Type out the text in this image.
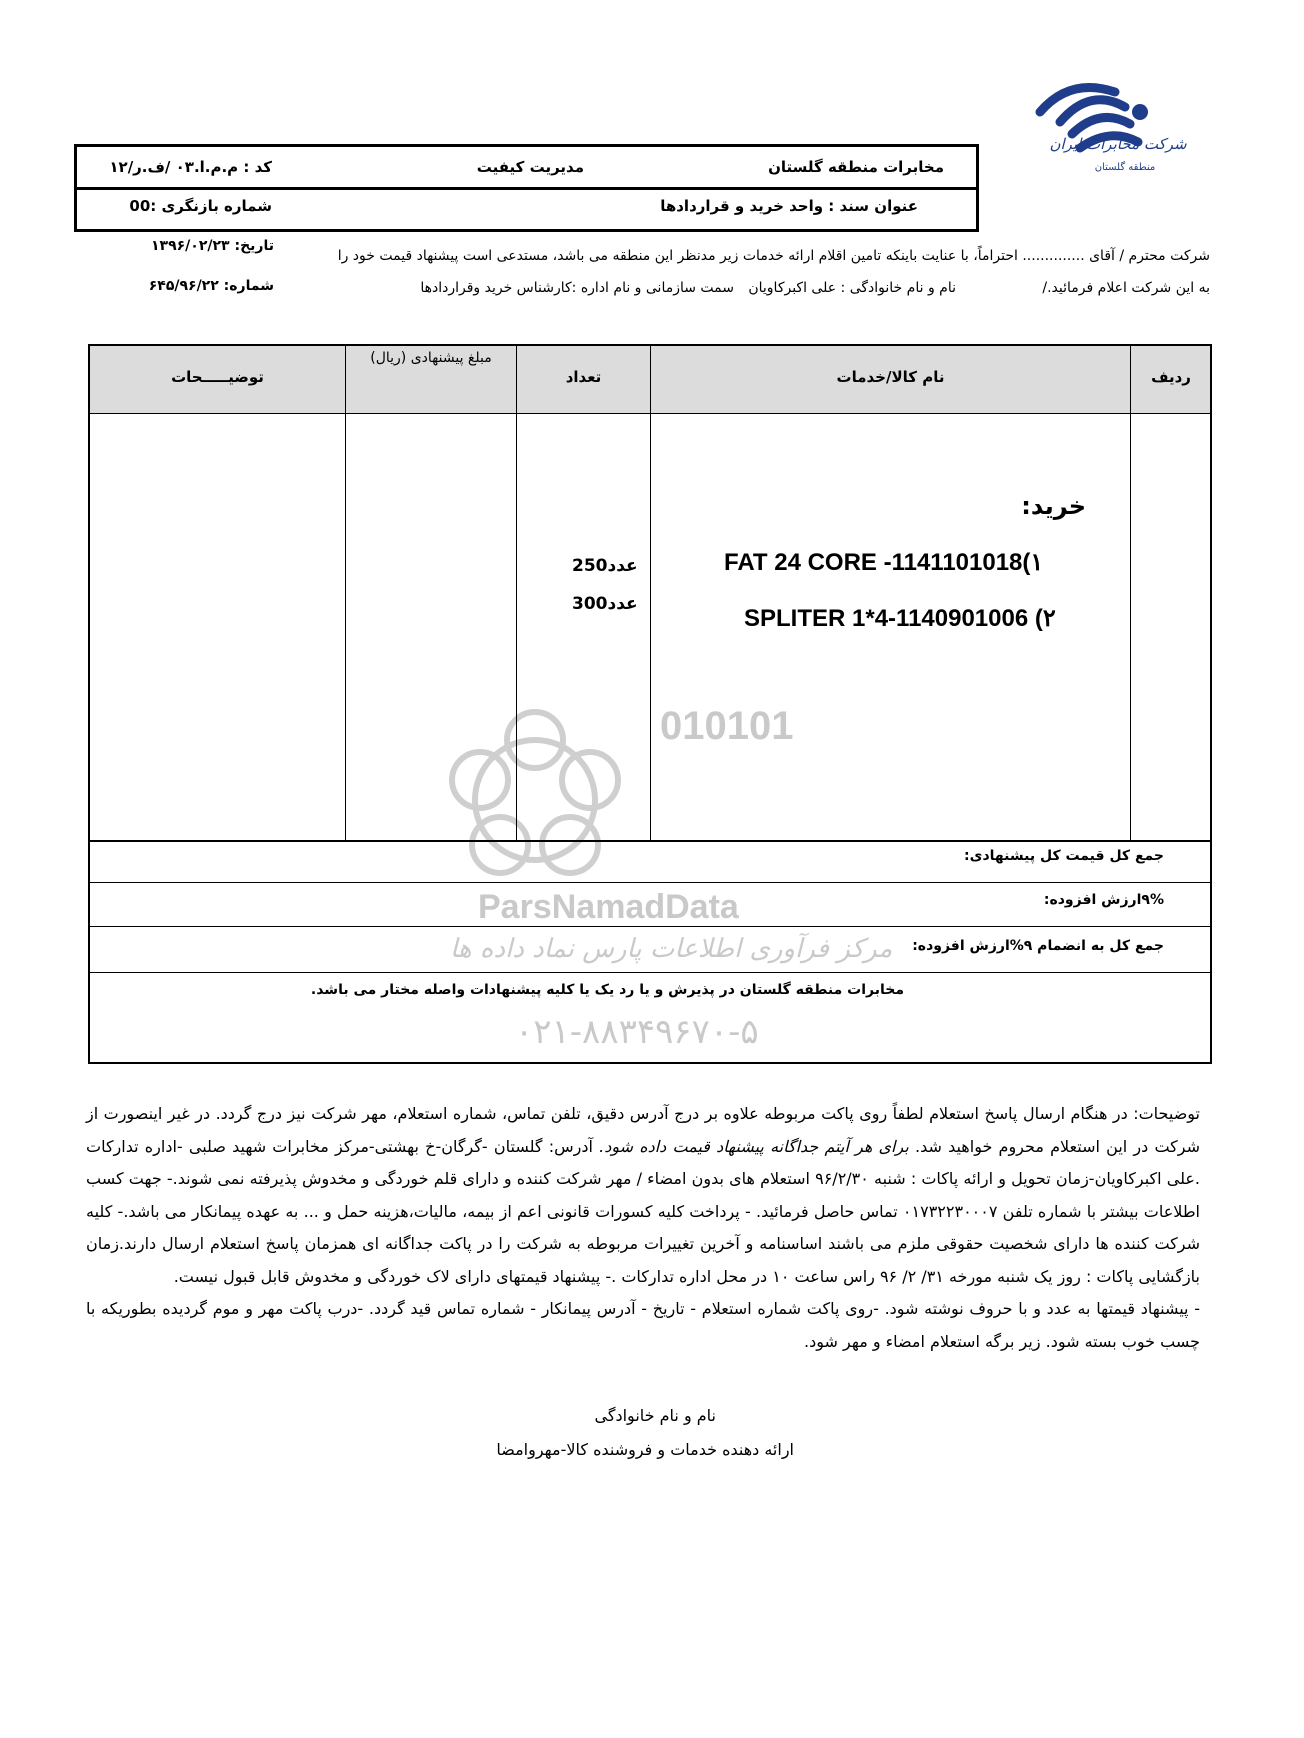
شرکت مخابرات ایران
منطقه گلستان
مخابرات منطقه گلستان
مدیریت کیفیت
کد : م.م.ا.۰۳ /ف.ر/۱۲
عنوان سند : واحد خرید و قراردادها
شماره بازنگری :00
شرکت محترم / آقای .............. احتراماً، با عنایت باینکه تامین اقلام ارائه خدمات زیر مدنظر این منطقه می باشد، مستدعی است پیشنهاد قیمت خود را
به این شرکت اعلام فرمائید./
نام و نام خانوادگی : علی اکبرکاویان
سمت سازمانی و نام اداره :کارشناس خرید وقراردادها
تاریخ: ۱۳۹۶/۰۲/۲۳
شماره: ۶۴۵/۹۶/۲۲
010101
ParsNamadData
مرکز فرآوری اطلاعات پارس نماد داده ها
۰۲۱-۸۸۳۴۹۶۷۰-۵
ردیف
نام کالا/خدمات
تعداد
مبلغ پیشنهادی (ریال)
توضیـــــحات
خرید:
FAT 24 CORE -1141101018(۱
SPLITER 1*4-1140901006 (۲
250عدد
300عدد
جمع کل قیمت کل پیشنهادی:
۹%ارزش افزوده:
جمع کل به انضمام ۹%ارزش افزوده:
مخابرات منطقه گلستان در پذیرش و یا رد یک یا کلیه پیشنهادات واصله مختار می باشد.

توضیحات: در هنگام ارسال پاسخ استعلام لطفاً روی پاکت مربوطه علاوه بر درج آدرس دقیق، تلفن تماس، شماره استعلام، مهر شرکت نیز درج گردد. در غیر اینصورت از شرکت در این استعلام محروم خواهید شد. برای هر آیتم جداگانه پیشنهاد قیمت داده شود. آدرس: گلستان -گرگان-خ بهشتی-مرکز مخابرات شهید صلبی -اداره تدارکات .علی اکبرکاویان-زمان تحویل و ارائه پاکات : شنبه ۹۶/۲/۳۰ استعلام های بدون امضاء / مهر شرکت کننده و دارای قلم خوردگی و مخدوش پذیرفته نمی شوند.- جهت کسب اطلاعات بیشتر با شماره تلفن ۰۱۷۳۲۲۳۰۰۰۷ تماس حاصل فرمائید. - پرداخت کلیه کسورات قانونی اعم از بیمه، مالیات،هزینه حمل و ... به عهده پیمانکار می باشد.- کلیه شرکت کننده ها دارای شخصیت حقوقی ملزم می باشند اساسنامه و آخرین تغییرات مربوطه به شرکت را در پاکت جداگانه ای همزمان پاسخ استعلام ارسال دارند.زمان بازگشایی پاکات : روز یک شنبه مورخه ۳۱/ ۲/ ۹۶ راس ساعت ۱۰ در محل اداره تدارکات .- پیشنهاد قیمتهای دارای لاک خوردگی و مخدوش قابل قبول نیست.

- پیشنهاد قیمتها به عدد و با حروف نوشته شود. -روی پاکت شماره استعلام - تاریخ - آدرس پیمانکار - شماره تماس قید گردد. -درب پاکت مهر و موم گردیده بطوریکه با چسب خوب بسته شود. زیر برگه استعلام امضاء و مهر شود.

نام و نام خانوادگی
ارائه دهنده خدمات و فروشنده کالا-مهروامضا
